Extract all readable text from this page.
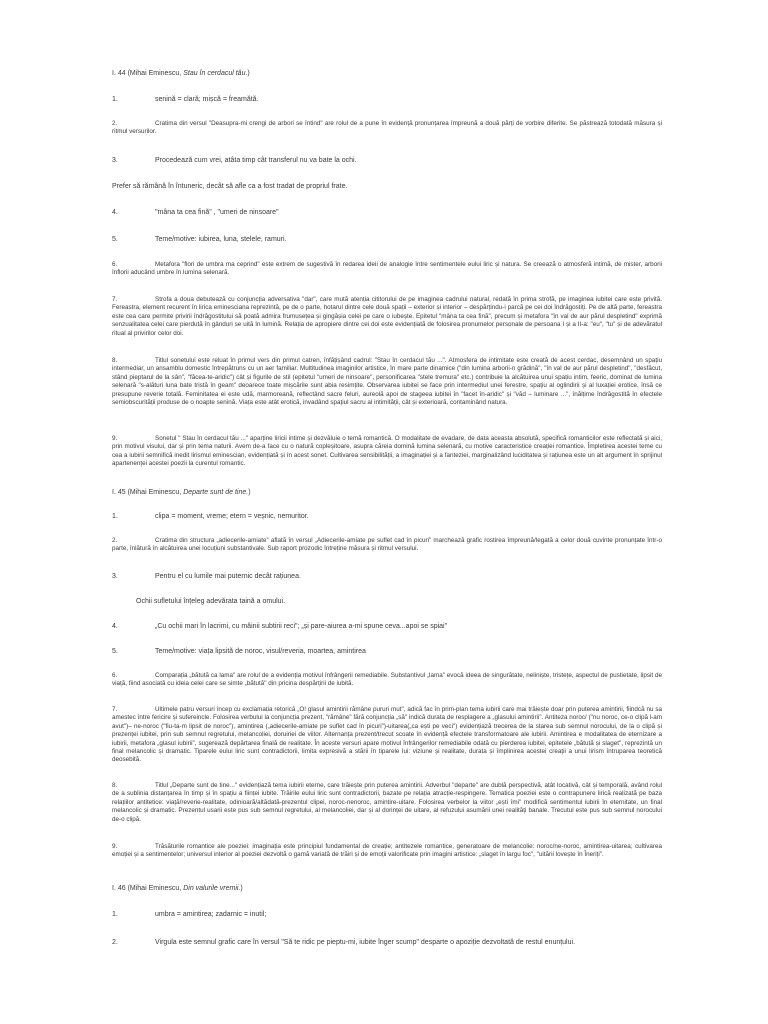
I. 44 (Mihai Eminescu, Stau în cerdacul tău.)

1.	senină = clară; mișcă = freamătă.

2.	Cratima din versul "Deasupra-mi crengi de arbori se întind" are rolul de a pune în evidență pronunțarea împreună a două părți de vorbire diferite. Se păstrează totodată măsura și ritmul versurilor.

3.	Procedează cum vrei, atâta timp cât transferul nu va bate la ochi.

Prefer să rămână în întuneric, decât să afle ca a fost tradat de propriul frate.

4.	"mâna ta cea fină" , "umeri de ninsoare"

5.	Teme/motive: iubirea, luna, stelele, ramuri.

6.	Metafora "flori de umbra ma ceprind" este extrem de sugestivă în redarea ideii de analogie între sentimentele eului liric și natura. Se creează o atmosferă intimă, de mister, arborii înflorii aducând umbre în lumina selenară.

7.	Strofa a doua debutează cu conjuncția adversativa "dar", care mută atenția cititorului de pe imaginea cadrului natural, redată în prima strofă, pe imaginea iubitei care este privită. Fereastra, element recurent în lirica eminesciana reprezintă, pe de o parte, hotarul dintre cele două spații – exterior și interior – despărțindu-i parcă pe cei doi îndrăgostiți. Pe de altă parte, fereastra este cea care permite privirii îndrăgostitului să poată admira frumusețea și gingășia celei pe care o iubește. Epitetul "mâna ta cea fină", precum și metafora "în val de aur părul despletind" exprimă senzualitatea celei care pierdută în gânduri se uită în lumină. Relația de apropiere dintre cei doi este evidențiată de folosirea pronumelor personale de persoana I și a II-a: "eu", "tu" și de adevăratul ritual al privirilor celor doi.

8.	Titlul sonetului este reluat în primul vers din primul catren, înfățișând cadrul: "Stau în cerdacul tău ...". Atmosfera de intimitate este creată de acest cerdac, desemnând un spațiu intermediar, un ansamblu domestic întrepătruns cu un aer familiar. Multitudinea imaginilor artistice, în mare parte dinamice ("din lumina arborii-n grădină", "în val de aur părul despletind", "desfăcut, stând pieptarul de la sân", "făcea-te-aridic") cât și figurile de stil (epitetul "umeri de ninsoare", personificarea "stele tremura" etc.) contribuie la alcătuirea unui spațiu intim, feeric, dominat de lumina selenară "s-alături luna bate tristă în geam" deoarece toate mișcările sunt abia resimțite. Observarea iubitei se face prin intermediul unei ferestre, spațiu al oglindirii și al luxației erotice, însă ce presupune reverie totală. Feminitatea ei este udă, marmoreană, reflectând sacre feluri, aureolă apoi de stageea iubitei în "facet în-aridic" și "văd – luminare ...", înălțime îndrăgostită în efectele semiobscurității produse de o noapte senină. Viața este atât erotică, invadând spațiul sacru al intimității, cât și exterioară, contaminând natura.

9.	Sonetul " Stau în cerdacul tău ..." aparține liricii intime și dezvăluie o temă romantică. O modalitate de evadare, de data aceasta absolută, specifică romanticilor este reflectată și aici, prin motivul visului, dar și prin tema naturii. Avem de-a face cu o natură copleșitoare, asupra căreia domină lumina selenară, cu motive caracteristice creației romantice. Împletirea acestei teme cu cea a iubirii semnifică inedit lirismul eminescian, evidențiată și în acest sonet. Cultivarea sensibilității, a imaginației și a fanteziei, marginalizând luciditatea și rațiunea este un alt argument în sprijinul apartenenței acestei poezii la curentul romantic.

I. 45 (Mihai Eminescu, Departe sunt de tine.)

1.	clipa = moment, vreme; etern = veșnic, nemuritor.

2.	Cratima din structura „adiecerile-amiate” aflată în versul „Adiecerile-amiate pe suflet cad în picuri” marchează grafic rostirea împreună/legată a celor două cuvinte pronunțate într-o parte, înlătură în alcătuirea unei locuțiuni substantivale. Sub raport prozodic întreține măsura și ritmul versului.

3.	Pentru el cu lumile mai puternic decât rațiunea.

Ochii sufletului înțeleg adevărata taină a omului.

4.	„Cu ochii mari în lacrimi, cu mâinii subtirii reci"; „și pare-aiurea a-mi spune ceva...apoi se spiai"

5.	Teme/motive: viața lipsită de noroc, visul/reveria, moartea, amintirea

6.	Comparația „bătută ca lama" are rolul de a evidenția motivul înfrângerii remediabile. Substantivul „lama" evocă ideea de singurătate, neliniște, tristețe, aspectul de pustietate, lipsit de viață, fiind asociată cu ideia celei care se simte „bătută" din pricina despărțirii de iubită.

7.	Ultimele patru versuri încep cu exclamația retorică „O! glasul amintirii rămâne pururi mut", adică fac în prim-plan tema iubirii care mai trăiește doar prin puterea amintirii, fiindcă nu sa amestec între fericire și sufereincle. Folosirea verbului la conjuncția prezent, "rămâne" fără conjuncția „să" indică durata de resplagere a „glasului amintirii". Antiteza noroc/ ("nu noroc, ce-o clipă l-am avut")– ne-noroc ("fiu-ta-m lipsit de noroc"), amintirea („adiecerile-amiate pe suflet cad în picuri")-uitarea(„ca ești pe veci") evidențiază trecerea de la starea sub semnul norocului, de la o clipă și prezenței iubitei, prin sub semnul regretului, melancoliei, doruiriei de viitor. Alternanța prezent/trecut scoate în evidență efectele transformatoare ale iubirii. Amintirea e modalitatea de eternizare a iubirii, metafora „glasul iubirii", sugerează depărtarea finală de realitate. În aceste versuri apare motivul înfrângerilor remediabile odată cu pierderea iubitei, epitetele „bătută și slaget", reprezintă un final melancolic și dramatic. Tiparele eului liric sunt contradictorii, limita expresivă a stării în tiparele lui: viziune și realitate, durata și împlinirea acestei creații a unui lirism întruparea teoretică deosebită.

8.	Titlul „Departe sunt de tine..." evidențiază tema iubirii eterne, care trăiește prin puterea amintirii. Adverbul "departe" are dublă perspectivă, atât locativă, cât și temporală, având rolul de a sublinia distanțarea în timp și în spațiu a ființei iubite. Trăirile eului liric sunt contradictorii, bazate pe relația atracție-respingere. Tematica poeziei este o contrapunere lirică realizată pe baza relațiilor antitetice: viață/reverie-realitate, odinioară/altădată-prezentul clipei, noroc-nenoroc, amintire-uitare. Folosirea verbelor la viitor „ești îmi" modifică sentimentul iubirii în eternitate, un final melancolic și dramatic. Prezentul usarii este pus sub semnul regretului, al melancoliei, dar și al dorinței de uitare, al refuzului asumării unei realități banale. Trecutul este pus sub semnul norocului de-o clipă.

9.	Trăsăturile romantice ale poeziei: imaginația este principiul fundamental de creație; antitezele romantice, generatoare de melancolie: noroc/ne-noroc, amintirea-uitarea; cultivarea emoției și a sentimentelor; universul interior al poeziei dezvoltă o gamă variată de trăiri și de emoții valorificate prin imagini artistice: „slaget în largu foc", "uitării lovește în Îneriți".

I. 46 (Mihai Eminescu, Din valurile vremii.)

1.	umbra = amintirea; zadarnic = inutil;

2.	Virgula este semnul grafic care în versul "Să te ridic pe pieptu-mi, iubite înger scump" desparte o apoziție dezvoltată de restul enunțului.
